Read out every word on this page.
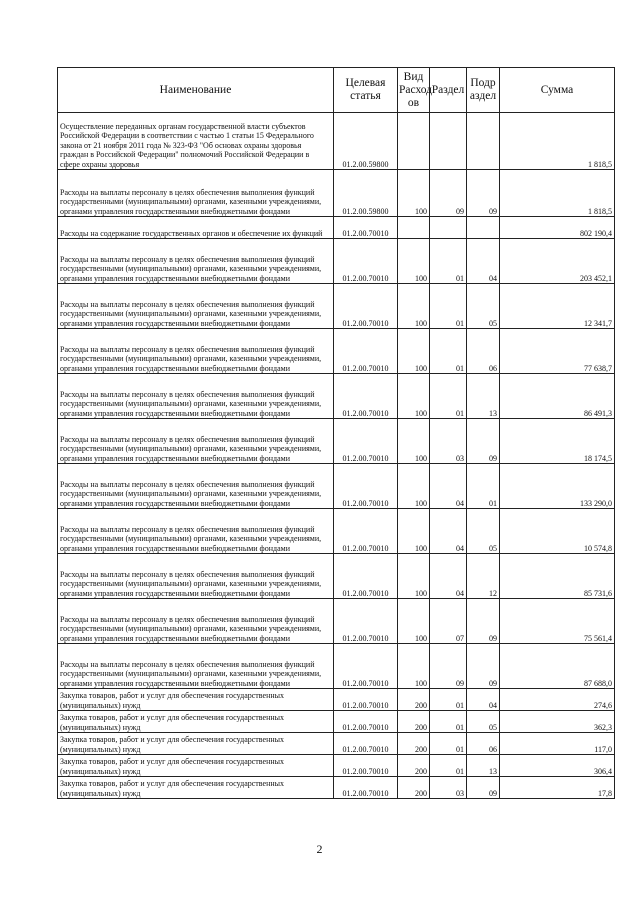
Наименование	Целевая статья	Вид Расход ов	Раздел	Подр аздел	Сумма
Осуществление переданных органам государственной власти субъектов Российской Федерации в соответствии с частью 1 статьи 15 Федерального закона от 21 ноября 2011 года № 323-ФЗ "Об основах охраны здоровья граждан в Российской Федерации" полномочий Российской Федерации в сфере охраны здоровья	01.2.00.59800				1 818,5
Расходы на выплаты персоналу в целях обеспечения выполнения функций государственными (муниципальными) органами, казенными учреждениями, органами управления государственными внебюджетными фондами	01.2.00.59800	100	09	09	1 818,5
Расходы на содержание государственных органов и обеспечение их функций	01.2.00.70010				802 190,4
Расходы на выплаты персоналу в целях обеспечения выполнения функций государственными (муниципальными) органами, казенными учреждениями, органами управления государственными внебюджетными фондами	01.2.00.70010	100	01	04	203 452,1
Расходы на выплаты персоналу в целях обеспечения выполнения функций государственными (муниципальными) органами, казенными учреждениями, органами управления государственными внебюджетными фондами	01.2.00.70010	100	01	05	12 341,7
Расходы на выплаты персоналу в целях обеспечения выполнения функций государственными (муниципальными) органами, казенными учреждениями, органами управления государственными внебюджетными фондами	01.2.00.70010	100	01	06	77 638,7
Расходы на выплаты персоналу в целях обеспечения выполнения функций государственными (муниципальными) органами, казенными учреждениями, органами управления государственными внебюджетными фондами	01.2.00.70010	100	01	13	86 491,3
Расходы на выплаты персоналу в целях обеспечения выполнения функций государственными (муниципальными) органами, казенными учреждениями, органами управления государственными внебюджетными фондами	01.2.00.70010	100	03	09	18 174,5
Расходы на выплаты персоналу в целях обеспечения выполнения функций государственными (муниципальными) органами, казенными учреждениями, органами управления государственными внебюджетными фондами	01.2.00.70010	100	04	01	133 290,0
Расходы на выплаты персоналу в целях обеспечения выполнения функций государственными (муниципальными) органами, казенными учреждениями, органами управления государственными внебюджетными фондами	01.2.00.70010	100	04	05	10 574,8
Расходы на выплаты персоналу в целях обеспечения выполнения функций государственными (муниципальными) органами, казенными учреждениями, органами управления государственными внебюджетными фондами	01.2.00.70010	100	04	12	85 731,6
Расходы на выплаты персоналу в целях обеспечения выполнения функций государственными (муниципальными) органами, казенными учреждениями, органами управления государственными внебюджетными фондами	01.2.00.70010	100	07	09	75 561,4
Расходы на выплаты персоналу в целях обеспечения выполнения функций государственными (муниципальными) органами, казенными учреждениями, органами управления государственными внебюджетными фондами	01.2.00.70010	100	09	09	87 688,0
Закупка товаров, работ и услуг для обеспечения государственных (муниципальных) нужд	01.2.00.70010	200	01	04	274,6
Закупка товаров, работ и услуг для обеспечения государственных (муниципальных) нужд	01.2.00.70010	200	01	05	362,3
Закупка товаров, работ и услуг для обеспечения государственных (муниципальных) нужд	01.2.00.70010	200	01	06	117,0
Закупка товаров, работ и услуг для обеспечения государственных (муниципальных) нужд	01.2.00.70010	200	01	13	306,4
Закупка товаров, работ и услуг для обеспечения государственных (муниципальных) нужд	01.2.00.70010	200	03	09	17,8
2
